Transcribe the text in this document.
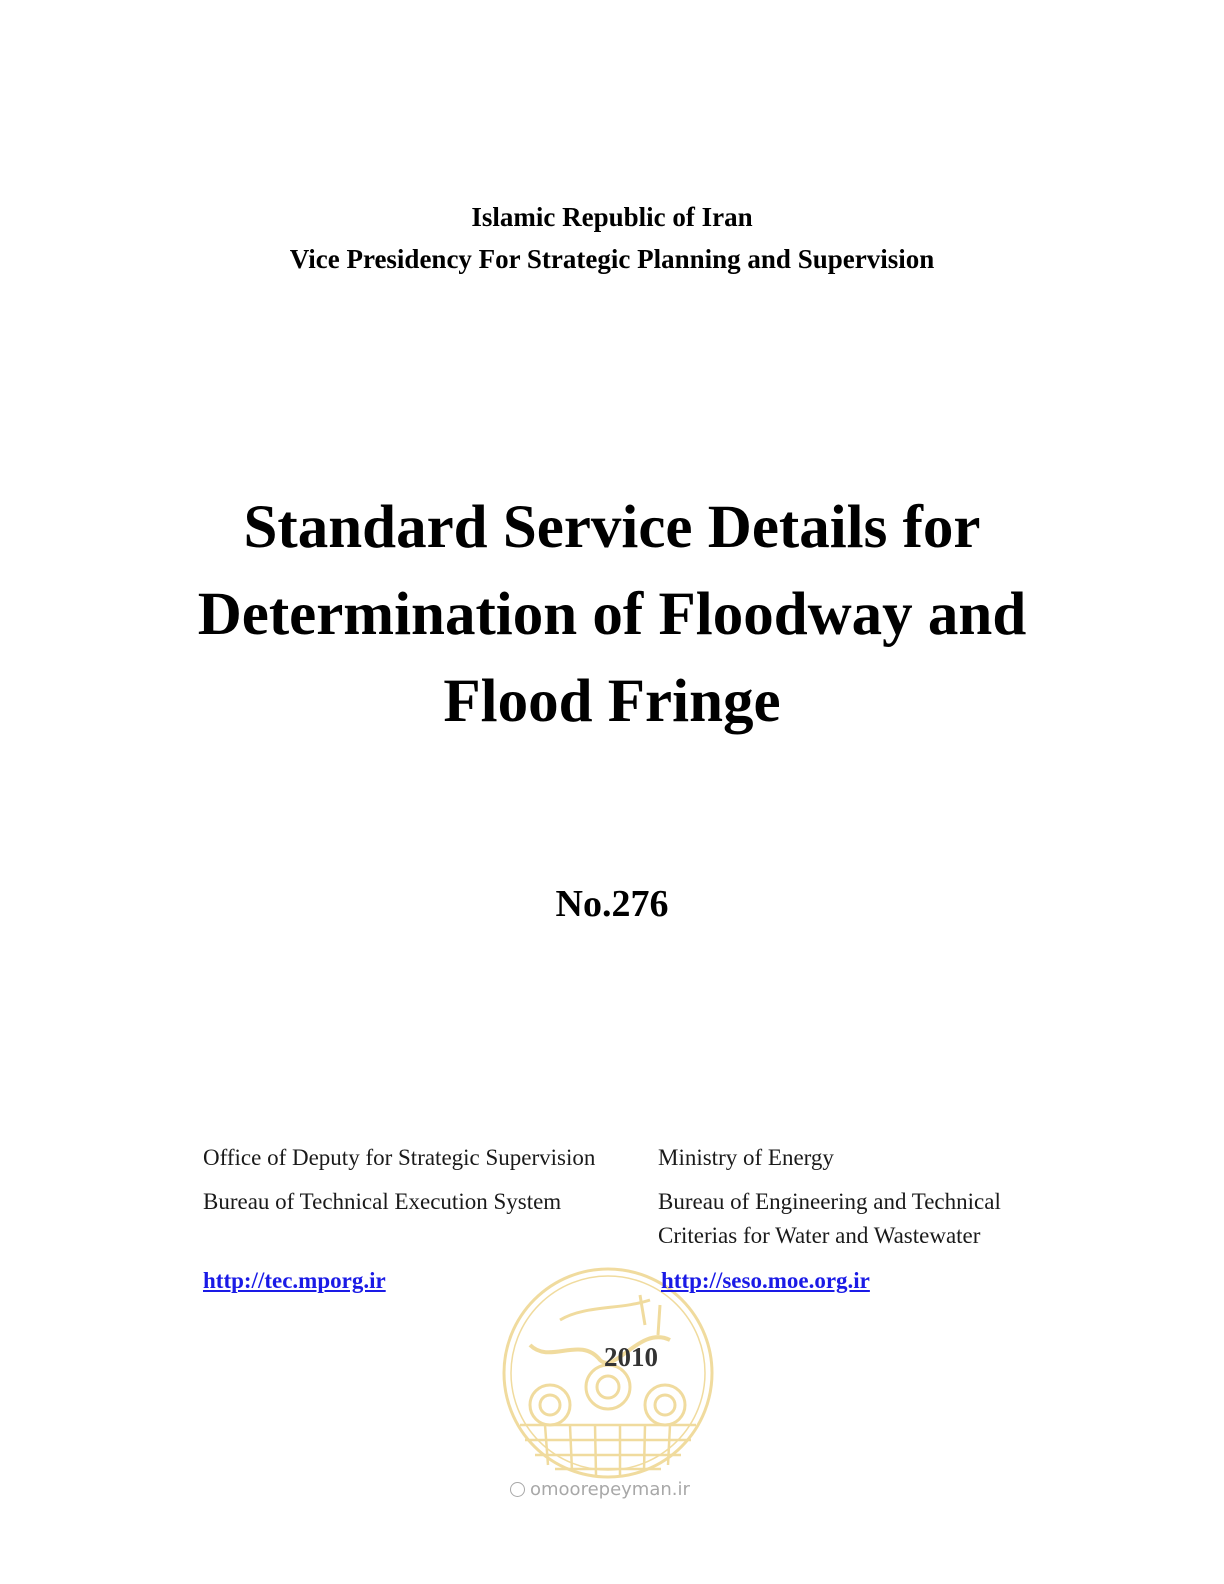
Islamic Republic of Iran
Vice Presidency For Strategic Planning and Supervision
Standard Service Details for
Determination of Floodway and
Flood Fringe
No.276
Office of Deputy for Strategic Supervision
Bureau of Technical Execution System
Ministry of Energy
Bureau of Engineering and Technical
Criterias for Water and Wastewater
http://tec.mporg.ir	http://seso.moe.org.ir
2010
omoorepeyman.ir
